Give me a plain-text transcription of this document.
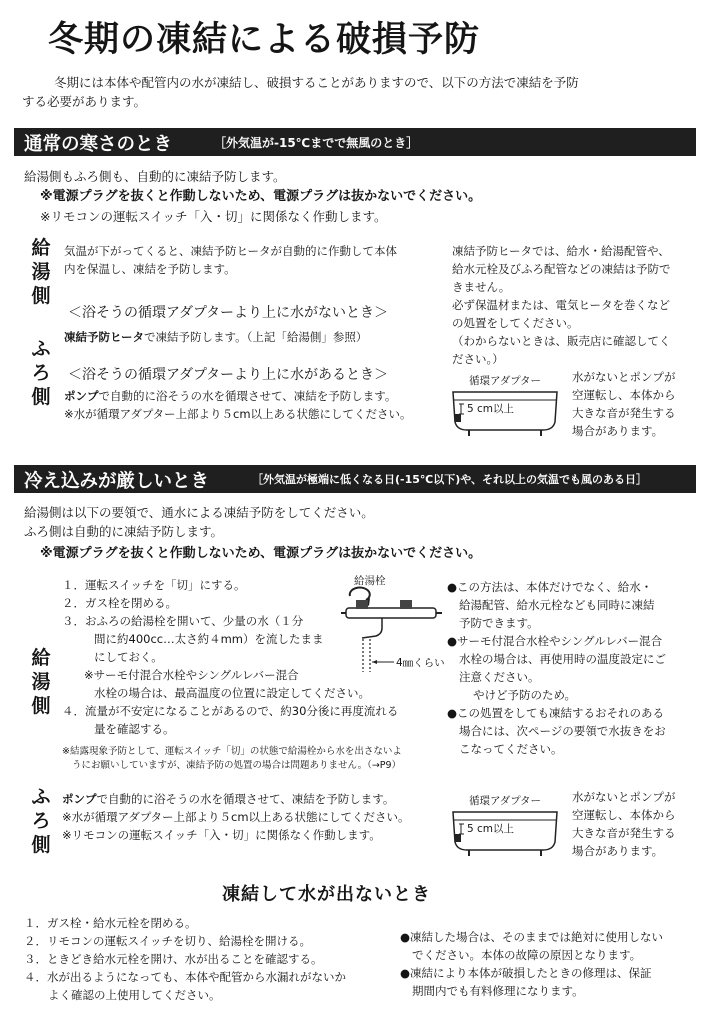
冬期の凍結による破損予防
冬期には本体や配管内の水が凍結し、破損することがありますので、以下の方法で凍結を予防
する必要があります。
通常の寒さのとき	［外気温が-15℃までで無風のとき］
給湯側もふろ側も、自動的に凍結予防します。
※電源プラグを抜くと作動しないため、電源プラグは抜かないでください。
※リモコンの運転スイッチ「入・切」に関係なく作動します。
給
湯
側
ふ
ろ
側
気温が下がってくると、凍結予防ヒータが自動的に作動して本体
内を保温し、凍結を予防します。
凍結予防ヒータでは、給水・給湯配管や、
給水元栓及びふろ配管などの凍結は予防で
きません。
必ず保温材または、電気ヒータを巻くなど
の処置をしてください。
（わからないときは、販売店に確認してく
ださい。）
＜浴そうの循環アダプターより上に水がないとき＞
凍結予防ヒータで凍結予防します。（上記「給湯側」参照）
＜浴そうの循環アダプターより上に水があるとき＞
ポンプで自動的に浴そうの水を循環させて、凍結を予防します。
※水が循環アダプター上部より５cm以上ある状態にしてください。
循環アダプター
5 cm以上
水がないとポンプが
空運転し、本体から
大きな音が発生する
場合があります。
冷え込みが厳しいとき	［外気温が極端に低くなる日(-15℃以下)や、それ以上の気温でも風のある日］
給湯側は以下の要領で、通水による凍結予防をしてください。
ふろ側は自動的に凍結予防します。
※電源プラグを抜くと作動しないため、電源プラグは抜かないでください。
給
湯
側
ふ
ろ
側
１．運転スイッチを「切」にする。
２．ガス栓を閉める。
３．おふろの給湯栓を開いて、少量の水（１分
間に約400cc…太さ約４mm）を流したまま
にしておく。
※サーモ付混合水栓やシングルレバー混合
水栓の場合は、最高温度の位置に設定してください。
４．流量が不安定になることがあるので、約30分後に再度流れる
量を確認する。
※結露現象予防として、運転スイッチ「切」の状態で給湯栓から水を出さないよ
うにお願いしていますが、凍結予防の処置の場合は問題ありません。（→P9）
給湯栓
4㎜くらい
●この方法は、本体だけでなく、給水・
給湯配管、給水元栓なども同時に凍結
予防できます。
●サーモ付混合水栓やシングルレバー混合
水栓の場合は、再使用時の温度設定にご
注意ください。
やけど予防のため。
●この処置をしても凍結するおそれのある
場合には、次ページの要領で水抜きをお
こなってください。
ポンプで自動的に浴そうの水を循環させて、凍結を予防します。
※水が循環アダプター上部より５cm以上ある状態にしてください。
※リモコンの運転スイッチ「入・切」に関係なく作動します。
循環アダプター
5 cm以上
水がないとポンプが
空運転し、本体から
大きな音が発生する
場合があります。
凍結して水が出ないとき
１．ガス栓・給水元栓を閉める。
２．リモコンの運転スイッチを切り、給湯栓を開ける。
３．ときどき給水元栓を開け、水が出ることを確認する。
４．水が出るようになっても、本体や配管から水漏れがないか
よく確認の上使用してください。
●凍結した場合は、そのままでは絶対に使用しない
でください。本体の故障の原因となります。
●凍結により本体が破損したときの修理は、保証
期間内でも有料修理になります。
